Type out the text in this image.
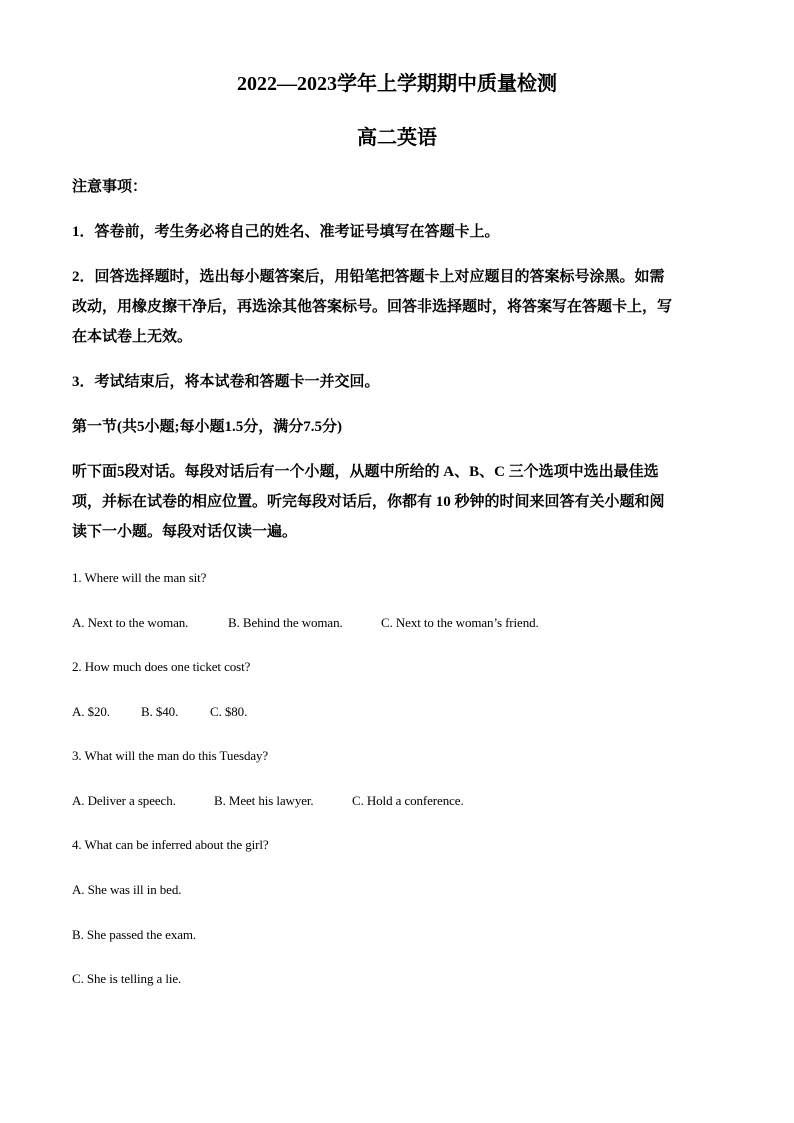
2022—2023学年上学期期中质量检测
高二英语

注意事项：

1．答卷前，考生务必将自己的姓名、准考证号填写在答题卡上。

2．回答选择题时，选出每小题答案后，用铅笔把答题卡上对应题目的答案标号涂黑。如需

改动，用橡皮擦干净后，再选涂其他答案标号。回答非选择题时，将答案写在答题卡上，写

在本试卷上无效。

3．考试结束后，将本试卷和答题卡一并交回。

第一节(共5小题;每小题1.5分，满分7.5分)

听下面5段对话。每段对话后有一个小题，从题中所给的 A、B、C 三个选项中选出最佳选

项，并标在试卷的相应位置。听完每段对话后，你都有 10 秒钟的时间来回答有关小题和阅

读下一小题。每段对话仅读一遍。

1. Where will the man sit?

A. Next to the woman.	B. Behind the woman.	C. Next to the woman’s friend.

2. How much does one ticket cost?

A. $20. B. $40. C. $80.

3. What will the man do this Tuesday?

A. Deliver a speech.	B. Meet his lawyer.	C. Hold a conference.

4. What can be inferred about the girl?

A. She was ill in bed.

B. She passed the exam.

C. She is telling a lie.
